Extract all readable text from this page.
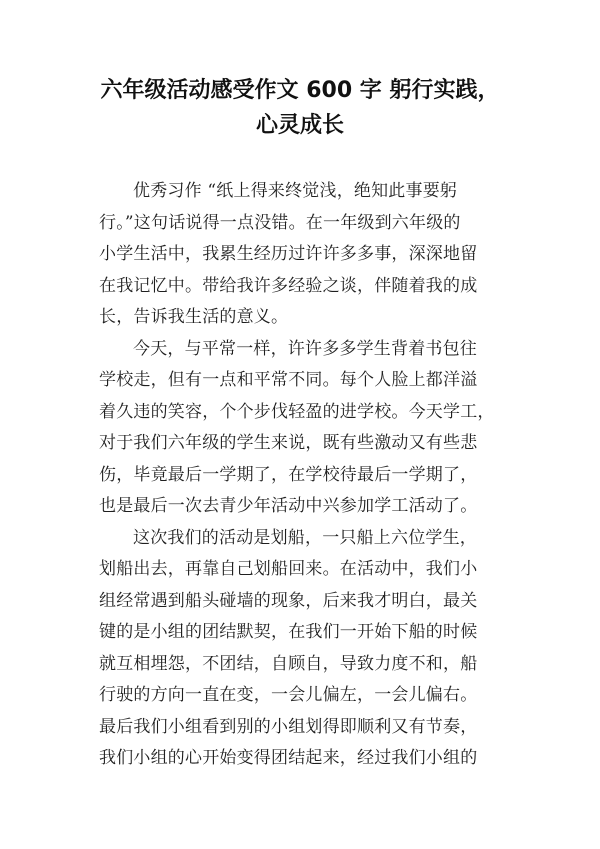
六年级活动感受作文 600 字 躬行实践，
心灵成长
优秀习作 “纸上得来终觉浅，绝知此事要躬
行。”这句话说得一点没错。在一年级到六年级的
小学生活中，我累生经历过许许多多事，深深地留
在我记忆中。带给我许多经验之谈，伴随着我的成
长，告诉我生活的意义。
今天，与平常一样，许许多多学生背着书包往
学校走，但有一点和平常不同。每个人脸上都洋溢
着久违的笑容，个个步伐轻盈的进学校。今天学工，
对于我们六年级的学生来说，既有些激动又有些悲
伤，毕竟最后一学期了，在学校待最后一学期了，
也是最后一次去青少年活动中兴参加学工活动了。
这次我们的活动是划船，一只船上六位学生，
划船出去，再靠自己划船回来。在活动中，我们小
组经常遇到船头碰墙的现象，后来我才明白，最关
键的是小组的团结默契，在我们一开始下船的时候
就互相埋怨，不团结，自顾自，导致力度不和，船
行驶的方向一直在变，一会儿偏左，一会儿偏右。
最后我们小组看到别的小组划得即顺利又有节奏，
我们小组的心开始变得团结起来，经过我们小组的
